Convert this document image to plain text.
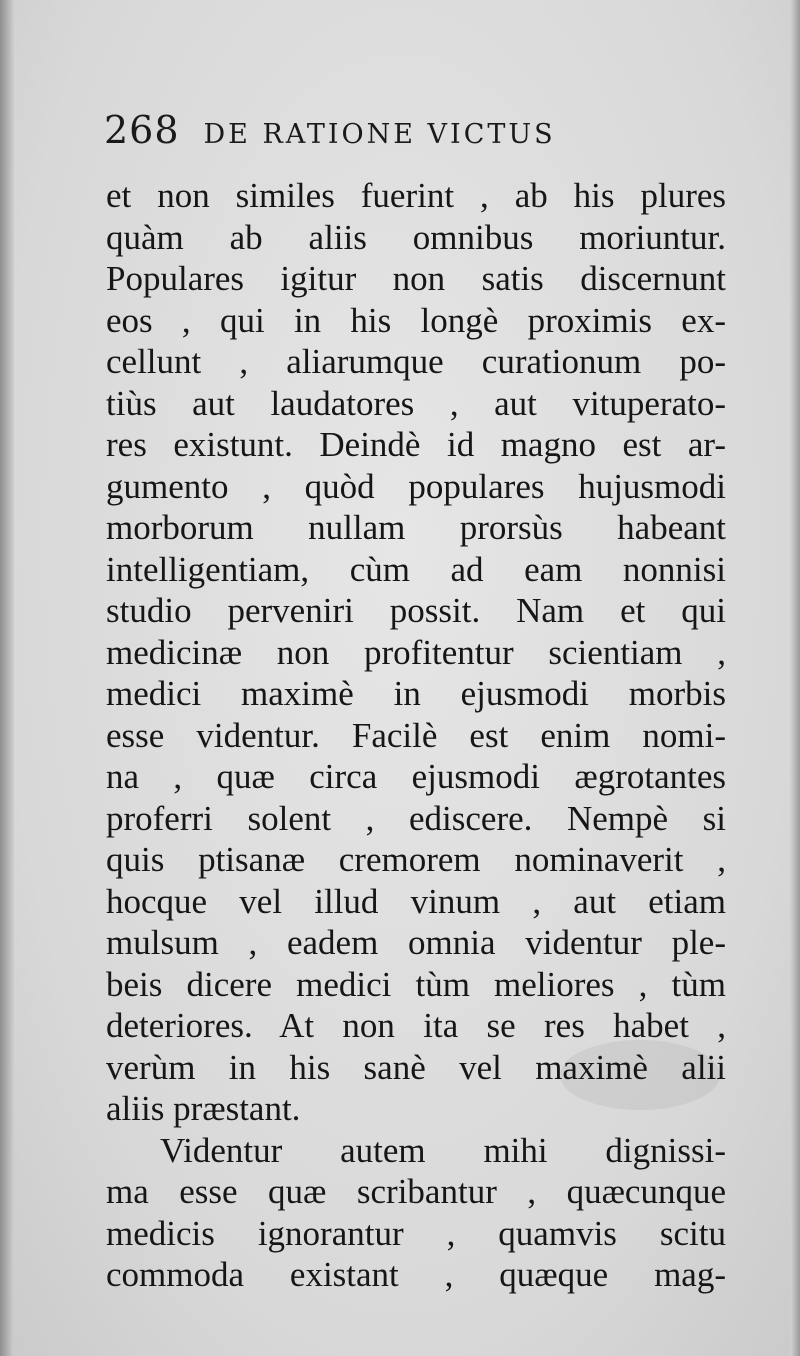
268 DE RATIONE VICTUS
et non similes fuerint , ab his plures
quàm ab aliis omnibus moriuntur.
Populares igitur non satis discernunt
eos , qui in his longè proximis ex-
cellunt , aliarumque curationum po-
tiùs aut laudatores , aut vituperato-
res existunt. Deindè id magno est ar-
gumento , quòd populares hujusmodi
morborum nullam prorsùs habeant
intelligentiam, cùm ad eam nonnisi
studio perveniri possit. Nam et qui
medicinæ non profitentur scientiam ,
medici maximè in ejusmodi morbis
esse videntur. Facilè est enim nomi-
na , quæ circa ejusmodi ægrotantes
proferri solent , ediscere. Nempè si
quis ptisanæ cremorem nominaverit ,
hocque vel illud vinum , aut etiam
mulsum , eadem omnia videntur ple-
beis dicere medici tùm meliores , tùm
deteriores. At non ita se res habet ,
verùm in his sanè vel maximè alii
aliis præstant.
Videntur autem mihi dignissi-
ma esse quæ scribantur , quæcunque
medicis ignorantur , quamvis scitu
commoda existant , quæque mag-
